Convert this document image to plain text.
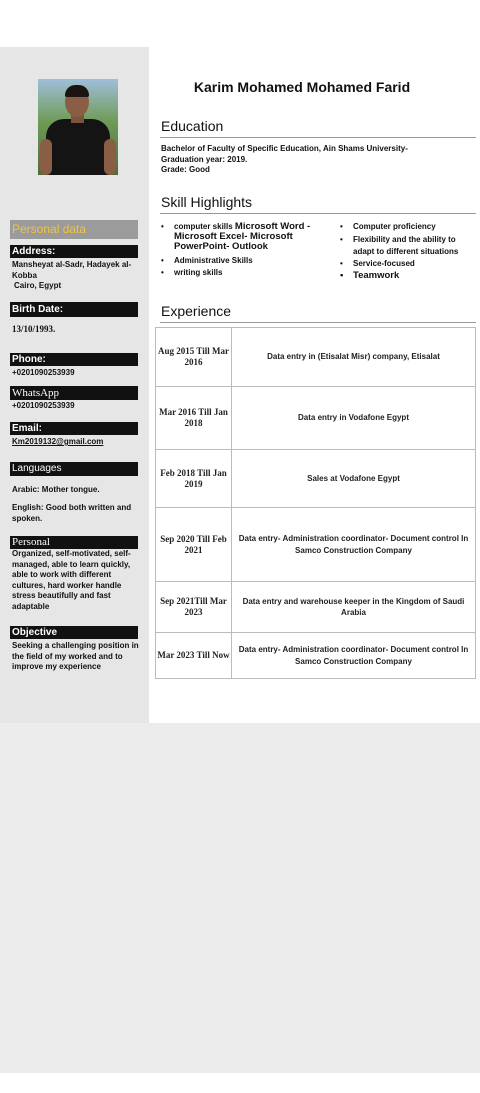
Personal data
Address:
Mansheyat al-Sadr, Hadayek al-Kobba
Cairo, Egypt
Birth Date:
13/10/1993.
Phone:
+0201090253939
WhatsApp
+0201090253939
Email:
Km2019132@gmail.com
Languages
Arabic: Mother tongue.
English: Good both written and spoken.
Personal
Organized, self-motivated, self-managed, able to learn quickly, able to work with different cultures, hard worker handle stress beautifully and fast adaptable
Objective
Seeking a challenging position in the field of my worked and to improve my experience
Karim Mohamed Mohamed Farid
Education
Bachelor of Faculty of Specific Education, Ain Shams University-
Graduation year: 2019.
Grade: Good
Skill Highlights
• computer skills Microsoft Word - Microsoft Excel- Microsoft PowerPoint- Outlook
• Administrative Skills
• writing skills
• Computer proficiency
• Flexibility and the ability to adapt to different situations
• Service-focused
• Teamwork
Experience
Aug 2015 Till Mar 2016	Data entry in (Etisalat Misr) company, Etisalat
Mar 2016 Till Jan 2018	Data entry in Vodafone Egypt
Feb 2018 Till Jan 2019	Sales at Vodafone Egypt
Sep 2020 Till Feb 2021	Data entry- Administration coordinator- Document control In Samco Construction Company
Sep 2021Till Mar 2023	Data entry and warehouse keeper in the Kingdom of Saudi Arabia
Mar 2023 Till Now	Data entry- Administration coordinator- Document control In Samco Construction Company
